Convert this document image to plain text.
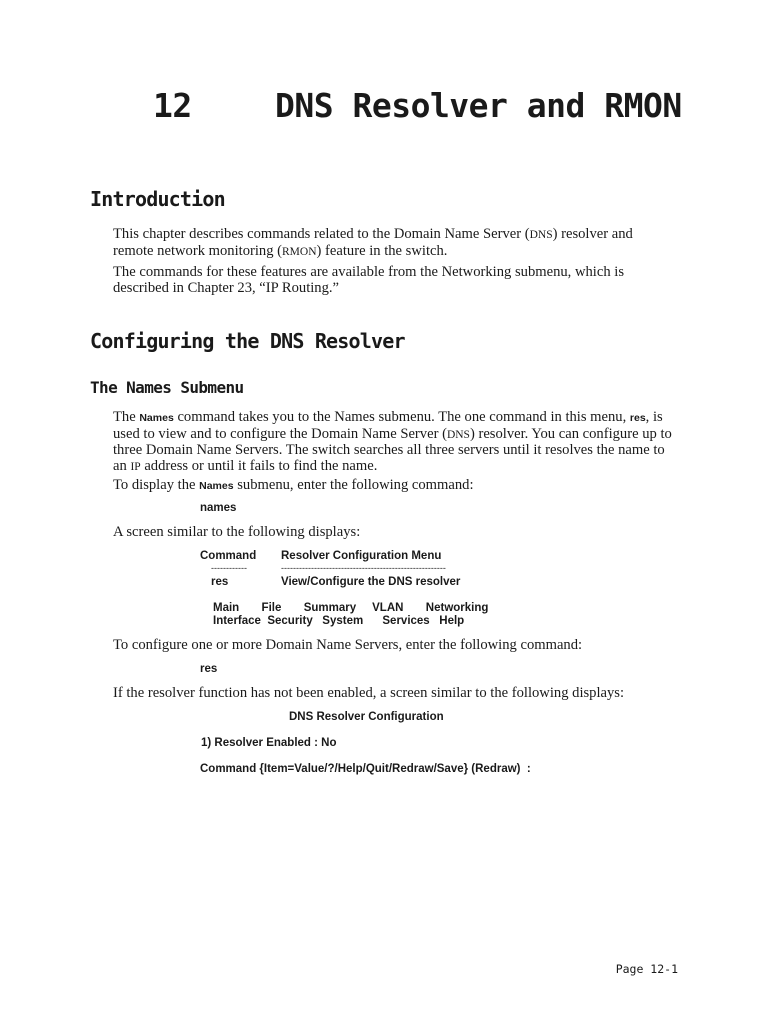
12	DNS Resolver and RMON
Introduction
This chapter describes commands related to the Domain Name Server (DNS) resolver and remote network monitoring (RMON) feature in the switch.
The commands for these features are available from the Networking submenu, which is described in Chapter 23, “IP Routing.”
Configuring the DNS Resolver
The Names Submenu
The Names command takes you to the Names submenu. The one command in this menu, res, is used to view and to configure the Domain Name Server (DNS) resolver. You can configure up to three Domain Name Servers. The switch searches all three servers until it resolves the name to an IP address or until it fails to find the name.
To display the Names submenu, enter the following command:
names
A screen similar to the following displays:
Command Resolver Configuration Menu
------------	-------------------------------------------------------
res	View/Configure the DNS resolver
Main       File       Summary     VLAN       Networking
Interface  Security   System      Services   Help
To configure one or more Domain Name Servers, enter the following command:
res
If the resolver function has not been enabled, a screen similar to the following displays:
DNS Resolver Configuration
1) Resolver Enabled : No
Command {Item=Value/?/Help/Quit/Redraw/Save} (Redraw)  :
Page 12-1
